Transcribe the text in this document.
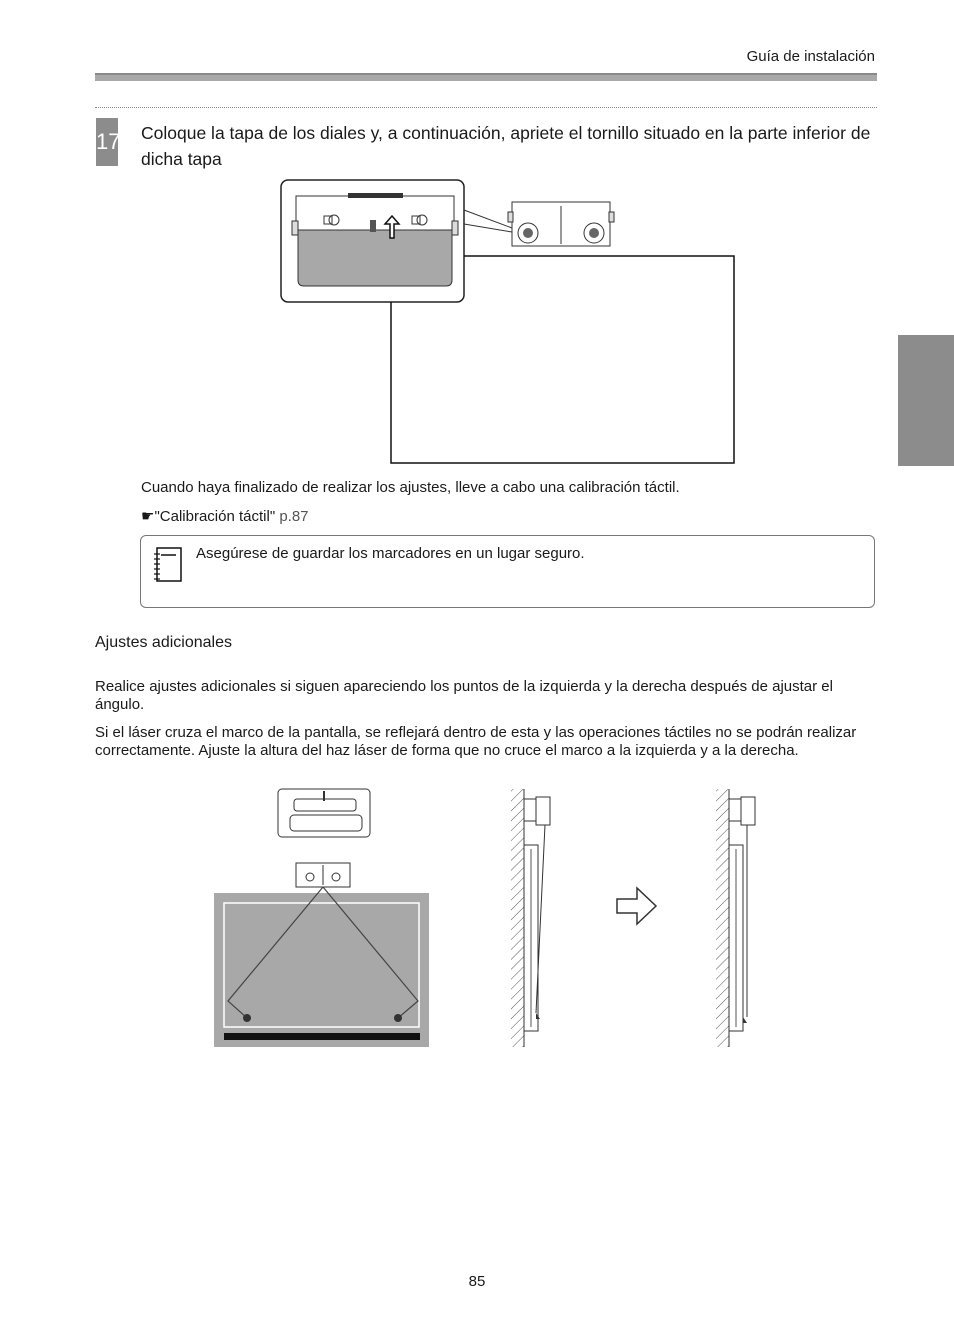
Guía de instalación
17 Coloque la tapa de los diales y, a continuación, apriete el tornillo situado en la parte inferior de dicha tapa
Cuando haya finalizado de realizar los ajustes, lleve a cabo una calibración táctil.
☛"Calibración táctil" p.87
Asegúrese de guardar los marcadores en un lugar seguro.
Ajustes adicionales
Realice ajustes adicionales si siguen apareciendo los puntos de la izquierda y la derecha después de ajustar el ángulo.
Si el láser cruza el marco de la pantalla, se reflejará dentro de esta y las operaciones táctiles no se podrán realizar correctamente. Ajuste la altura del haz láser de forma que no cruce el marco a la izquierda y a la derecha.
85
